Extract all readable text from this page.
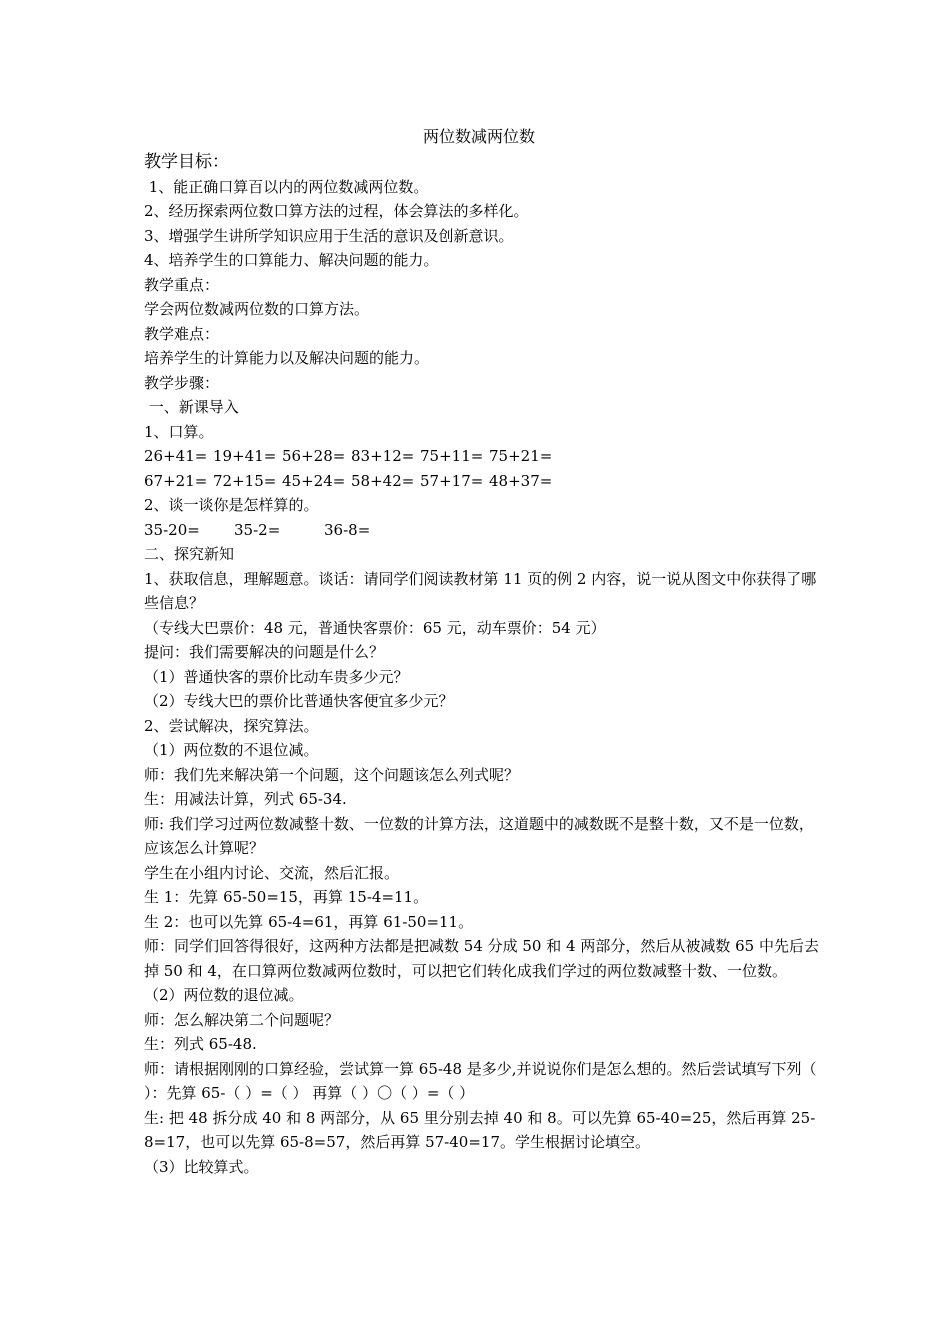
两位数减两位数
教学目标：
1、能正确口算百以内的两位数减两位数。
2、经历探索两位数口算方法的过程，体会算法的多样化。
3、增强学生讲所学知识应用于生活的意识及创新意识。
4、培养学生的口算能力、解决问题的能力。
教学重点：
学会两位数减两位数的口算方法。
教学难点：
培养学生的计算能力以及解决问题的能力。
教学步骤：
一、新课导入
1、口算。
26+41= 19+41= 56+28= 83+12= 75+11= 75+21=
67+21= 72+15= 45+24= 58+42= 57+17= 48+37=
2、谈一谈你是怎样算的。
35-20=	35-2=	36-8=
二、探究新知
1、获取信息，理解题意。谈话：请同学们阅读教材第 11 页的例 2 内容，说一说从图文中你获得了哪些信息？
（专线大巴票价：48 元，普通快客票价：65 元，动车票价：54 元）
提问：我们需要解决的问题是什么？
（1）普通快客的票价比动车贵多少元？
（2）专线大巴的票价比普通快客便宜多少元？
2、尝试解决，探究算法。
（1）两位数的不退位减。
师：我们先来解决第一个问题，这个问题该怎么列式呢？
生：用减法计算，列式 65-34.
师: 我们学习过两位数减整十数、一位数的计算方法，这道题中的减数既不是整十数，又不是一位数，应该怎么计算呢？
学生在小组内讨论、交流，然后汇报。
生 1：先算 65-50=15，再算 15-4=11。
生 2：也可以先算 65-4=61，再算 61-50=11。
师：同学们回答得很好，这两种方法都是把减数 54 分成 50 和 4 两部分，然后从被减数 65 中先后去掉 50 和 4，在口算两位数减两位数时，可以把它们转化成我们学过的两位数减整十数、一位数。
（2）两位数的退位减。
师：怎么解决第二个问题呢？
生：列式 65-48.
师：请根据刚刚的口算经验，尝试算一算 65-48 是多少,并说说你们是怎么想的。然后尝试填写下列（ ）：先算 65-（ ）=（ ） 再算（ ）〇（ ）=（ ）
生: 把 48 拆分成 40 和 8 两部分，从 65 里分别去掉 40 和 8。可以先算 65-40=25，然后再算 25-8=17，也可以先算 65-8=57，然后再算 57-40=17。学生根据讨论填空。
（3）比较算式。
